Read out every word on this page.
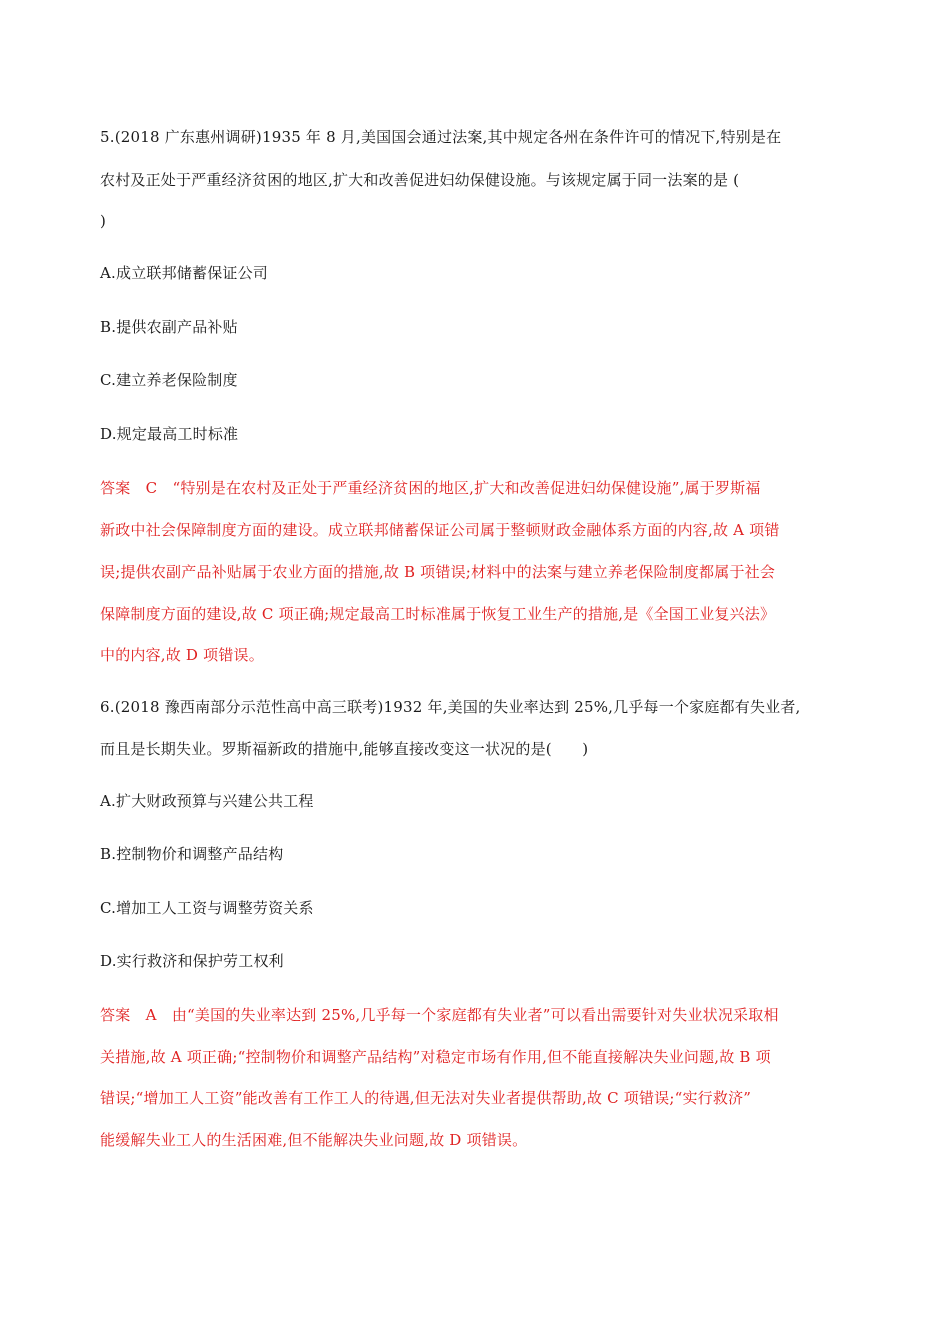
5.(2018 广东惠州调研)1935 年 8 月,美国国会通过法案,其中规定各州在条件许可的情况下,特别是在
农村及正处于严重经济贫困的地区,扩大和改善促进妇幼保健设施。与该规定属于同一法案的是 (
)
A.成立联邦储蓄保证公司
B.提供农副产品补贴
C.建立养老保险制度
D.规定最高工时标准
答案　C　“特别是在农村及正处于严重经济贫困的地区,扩大和改善促进妇幼保健设施”,属于罗斯福
新政中社会保障制度方面的建设。成立联邦储蓄保证公司属于整顿财政金融体系方面的内容,故 A 项错
误;提供农副产品补贴属于农业方面的措施,故 B 项错误;材料中的法案与建立养老保险制度都属于社会
保障制度方面的建设,故 C 项正确;规定最高工时标准属于恢复工业生产的措施,是《全国工业复兴法》
中的内容,故 D 项错误。
6.(2018 豫西南部分示范性高中高三联考)1932 年,美国的失业率达到 25%,几乎每一个家庭都有失业者,
而且是长期失业。罗斯福新政的措施中,能够直接改变这一状况的是(　　)
A.扩大财政预算与兴建公共工程
B.控制物价和调整产品结构
C.增加工人工资与调整劳资关系
D.实行救济和保护劳工权利
答案　A　由“美国的失业率达到 25%,几乎每一个家庭都有失业者”可以看出需要针对失业状况采取相
关措施,故 A 项正确;“控制物价和调整产品结构”对稳定市场有作用,但不能直接解决失业问题,故 B 项
错误;“增加工人工资”能改善有工作工人的待遇,但无法对失业者提供帮助,故 C 项错误;“实行救济”
能缓解失业工人的生活困难,但不能解决失业问题,故 D 项错误。
